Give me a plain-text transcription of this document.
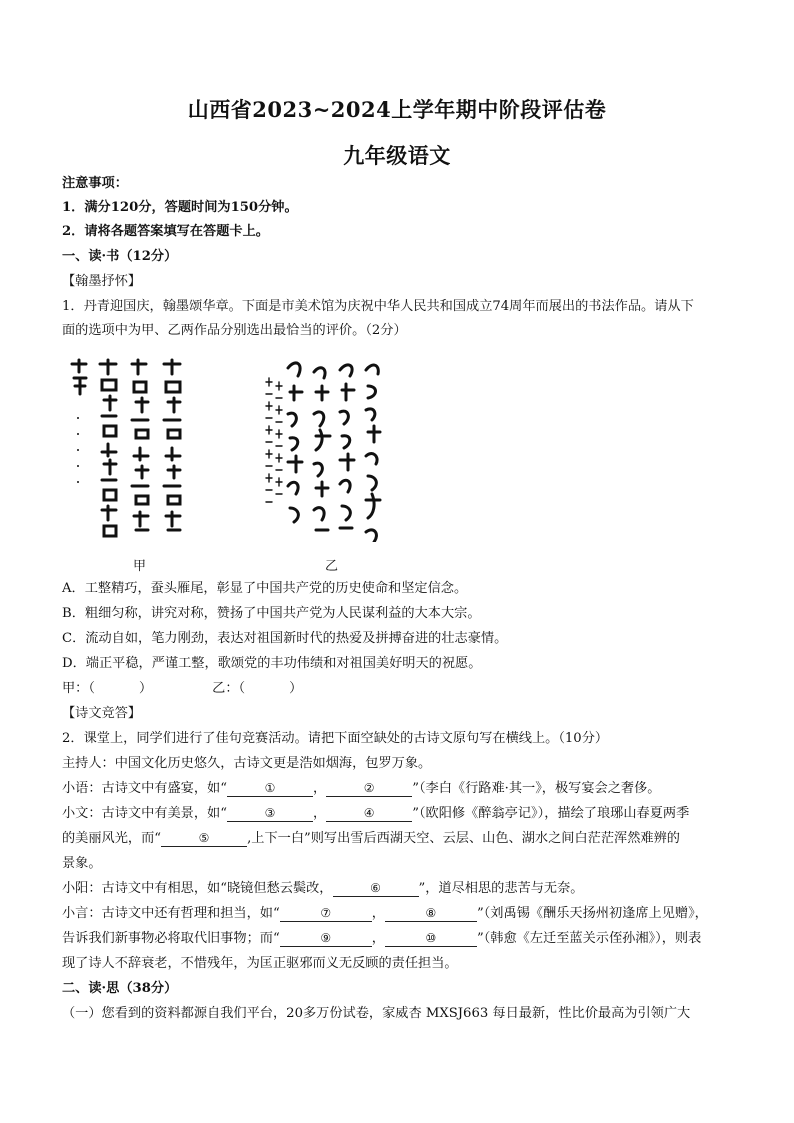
山西省2023~2024上学年期中阶段评估卷
九年级语文
注意事项：
1．满分120分，答题时间为150分钟。
2．请将各题答案填写在答题卡上。
一、读·书（12分）
【翰墨抒怀】
1．丹青迎国庆，翰墨颂华章。下面是市美术馆为庆祝中华人民共和国成立74周年而展出的书法作品。请从下
面的选项中为甲、乙两作品分别选出最恰当的评价。（2分）
甲	乙
A．工整精巧，蚕头雁尾，彰显了中国共产党的历史使命和坚定信念。
B．粗细匀称，讲究对称，赞扬了中国共产党为人民谋利益的大本大宗。
C．流动自如，笔力刚劲，表达对祖国新时代的热爱及拼搏奋进的壮志豪情。
D．端正平稳，严谨工整，歌颂党的丰功伟绩和对祖国美好明天的祝愿。
甲：（	）	乙：（	）
【诗文竞答】
2．课堂上，同学们进行了佳句竞赛活动。请把下面空缺处的古诗文原句写在横线上。（10分）
主持人：中国文化历史悠久，古诗文更是浩如烟海，包罗万象。
小语：古诗文中有盛宴，如“	①	，	②	”（李白《行路难·其一》，极写宴会之奢侈。
小文：古诗文中有美景，如“	③	，	④	”（欧阳修《醉翁亭记》），描绘了琅琊山春夏两季
的美丽风光，而“	⑤	,上下一白”则写出雪后西湖天空、云层、山色、湖水之间白茫茫浑然难辨的
景象。
小阳：古诗文中有相思，如“晓镜但愁云鬓改，	⑥	”，道尽相思的悲苦与无奈。
小言：古诗文中还有哲理和担当，如“	⑦	，	⑧	”（刘禹锡《酬乐天扬州初逢席上见赠》，
告诉我们新事物必将取代旧事物；而“	⑨	，	⑩	”（韩愈《左迁至蓝关示侄孙湘》），则表
现了诗人不辞衰老，不惜残年，为匡正驱邪而义无反顾的责任担当。
二、读·思（38分）
（一）您看到的资料都源自我们平台，20多万份试卷，家威杏 MXSJ663 每日最新，性比价最高为引领广大
